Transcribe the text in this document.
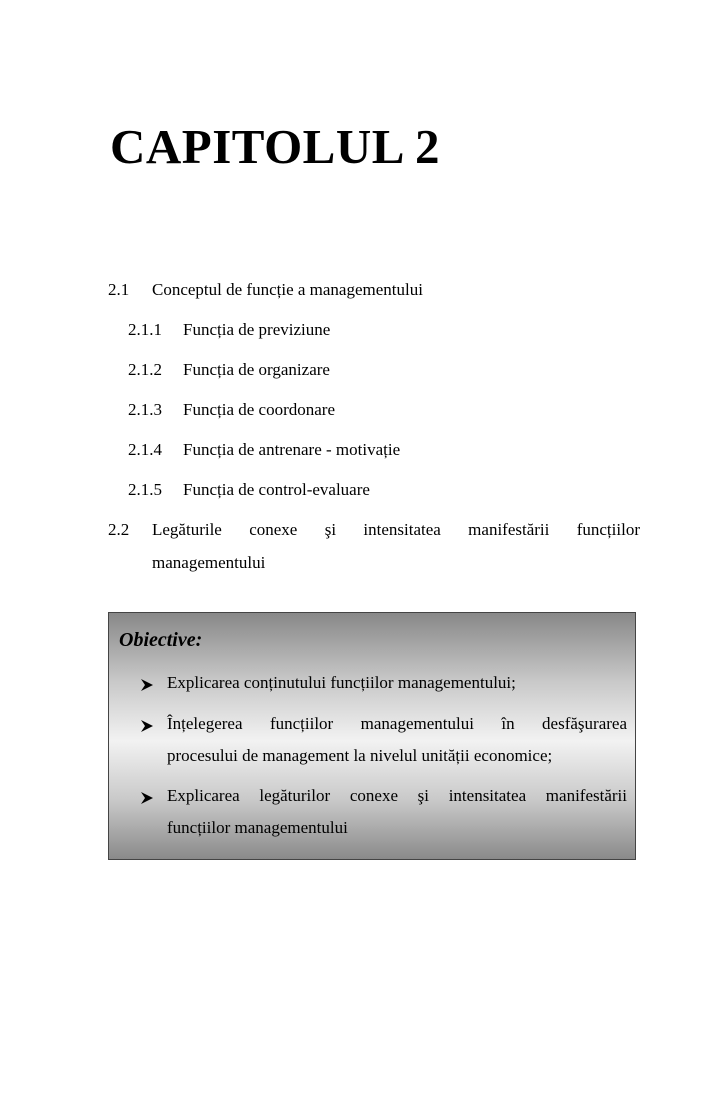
CAPITOLUL 2
2.1 Conceptul de funcție a managementului
2.1.1 Funcția de previziune
2.1.2 Funcția de organizare
2.1.3 Funcția de coordonare
2.1.4 Funcția de antrenare - motivație
2.1.5 Funcția de control-evaluare
2.2 Legăturile conexe şi intensitatea manifestării funcțiilor
managementului
Obiective:
Explicarea conținutului funcțiilor managementului;
Înțelegerea funcțiilor managementului în desfăşurarea
procesului de management la nivelul unității economice;
Explicarea legăturilor conexe şi intensitatea manifestării
funcțiilor managementului
